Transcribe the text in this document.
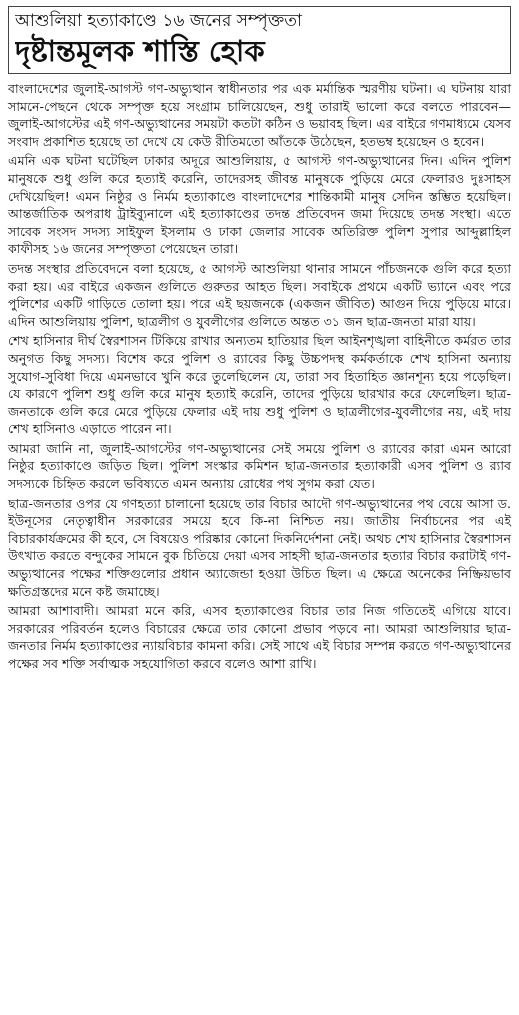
আশুলিয়া হত্যাকাণ্ডে ১৬ জনের সম্পৃক্ততা
দৃষ্টান্তমূলক শাস্তি হোক

বাংলাদেশের জুলাই-আগস্ট গণ-অভ্যুত্থান স্বাধীনতার পর এক মর্মান্তিক স্মরণীয় ঘটনা। এ ঘটনায় যারা সামনে-পেছনে থেকে সম্পৃক্ত হয়ে সংগ্রাম চালিয়েছেন, শুধু তারাই ভালো করে বলতে পারবেন— জুলাই-আগস্টের এই গণ-অভ্যুত্থানের সময়টা কতটা কঠিন ও ভয়াবহ ছিল। এর বাইরে গণমাধ্যমে যেসব সংবাদ প্রকাশিত হয়েছে তা দেখে যে কেউ রীতিমতো আঁতকে উঠেছেন, হতভম্ব হয়েছেন ও হবেন।

এমনি এক ঘটনা ঘটেছিল ঢাকার অদূরে আশুলিয়ায়, ৫ আগস্ট গণ-অভ্যুত্থানের দিন। এদিন পুলিশ মানুষকে শুধু গুলি করে হত্যাই করেনি, তাদেরসহ জীবন্ত মানুষকে পুড়িয়ে মেরে ফেলারও দুঃসাহস দেখিয়েছিল! এমন নিষ্ঠুর ও নির্মম হত্যাকাণ্ডে বাংলাদেশের শান্তিকামী মানুষ সেদিন স্তম্ভিত হয়েছিল। আন্তর্জাতিক অপরাধ ট্রাইব্যুনালে এই হত্যাকাণ্ডের তদন্ত প্রতিবেদন জমা দিয়েছে তদন্ত সংস্থা। এতে সাবেক সংসদ সদস্য সাইফুল ইসলাম ও ঢাকা জেলার সাবেক অতিরিক্ত পুলিশ সুপার আব্দুল্লাহিল কাফীসহ ১৬ জনের সম্পৃক্ততা পেয়েছেন তারা।

তদন্ত সংস্থার প্রতিবেদনে বলা হয়েছে, ৫ আগস্ট আশুলিয়া থানার সামনে পাঁচজনকে গুলি করে হত্যা করা হয়। এর বাইরে একজন গুলিতে গুরুতর আহত ছিল। সবাইকে প্রথমে একটি ভ্যানে এবং পরে পুলিশের একটি গাড়িতে তোলা হয়। পরে এই ছয়জনকে (একজন জীবিত) আগুন দিয়ে পুড়িয়ে মারে। এদিন আশুলিয়ায় পুলিশ, ছাত্রলীগ ও যুবলীগের গুলিতে অন্তত ৩১ জন ছাত্র-জনতা মারা যায়।

শেখ হাসিনার দীর্ঘ স্বৈরশাসন টিকিয়ে রাখার অন্যতম হাতিয়ার ছিল আইনশৃঙ্খলা বাহিনীতে কর্মরত তার অনুগত কিছু সদস্য। বিশেষ করে পুলিশ ও র‍্যাবের কিছু উচ্চপদস্থ কর্মকর্তাকে শেখ হাসিনা অন্যায় সুযোগ-সুবিধা দিয়ে এমনভাবে খুনি করে তুলেছিলেন যে, তারা সব হিতাহিত জ্ঞানশূন্য হয়ে পড়েছিল। যে কারণে পুলিশ শুধু গুলি করে মানুষ হত্যাই করেনি, তাদের পুড়িয়ে ছারখার করে ফেলেছিল। ছাত্র-জনতাকে গুলি করে মেরে পুড়িয়ে ফেলার এই দায় শুধু পুলিশ ও ছাত্রলীগের-যুবলীগের নয়, এই দায় শেখ হাসিনাও এড়াতে পারেন না।

আমরা জানি না, জুলাই-আগস্টের গণ-অভ্যুত্থানের সেই সময়ে পুলিশ ও র‍্যাবের কারা এমন আরো নিষ্ঠুর হত্যাকাণ্ডে জড়িত ছিল। পুলিশ সংস্কার কমিশন ছাত্র-জনতার হত্যাকারী এসব পুলিশ ও র‍্যাব সদস্যকে চিহ্নিত করলে ভবিষ্যতে এমন অন্যায় রোধের পথ সুগম করা যেত।

ছাত্র-জনতার ওপর যে গণহত্যা চালানো হয়েছে তার বিচার আদৌ গণ-অভ্যুত্থানের পথ বেয়ে আসা ড. ইউনূসের নেতৃত্বাধীন সরকারের সময়ে হবে কি-না নিশ্চিত নয়। জাতীয় নির্বাচনের পর এই বিচারকার্যক্রমের কী হবে, সে বিষয়েও পরিষ্কার কোনো দিকনির্দেশনা নেই। অথচ শেখ হাসিনার স্বৈরশাসন উৎখাত করতে বন্দুকের সামনে বুক চিতিয়ে দেয়া এসব সাহসী ছাত্র-জনতার হত্যার বিচার করাটাই গণ-অভ্যুত্থানের পক্ষের শক্তিগুলোর প্রধান অ্যাজেন্ডা হওয়া উচিত ছিল। এ ক্ষেত্রে অনেকের নিষ্ক্রিয়ভাব ক্ষতিগ্রস্তদের মনে কষ্ট জমাচ্ছে।

আমরা আশাবাদী। আমরা মনে করি, এসব হত্যাকাণ্ডের বিচার তার নিজ গতিতেই এগিয়ে যাবে। সরকারের পরিবর্তন হলেও বিচারের ক্ষেত্রে তার কোনো প্রভাব পড়বে না। আমরা আশুলিয়ার ছাত্র-জনতার নির্মম হত্যাকাণ্ডের ন্যায়বিচার কামনা করি। সেই সাথে এই বিচার সম্পন্ন করতে গণ-অভ্যুত্থানের পক্ষের সব শক্তি সর্বাত্মক সহযোগিতা করবে বলেও আশা রাখি।
